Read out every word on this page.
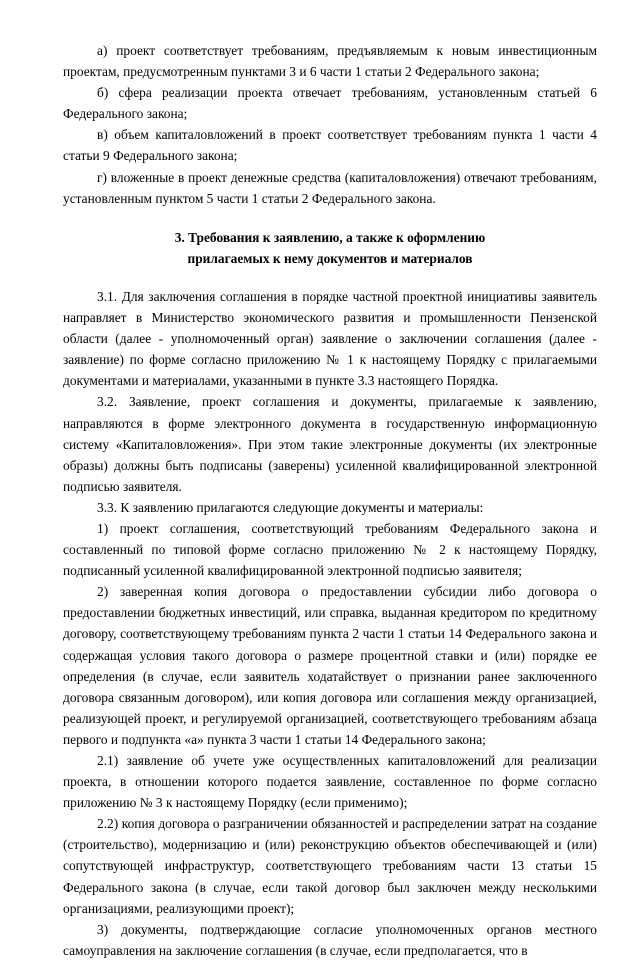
а) проект соответствует требованиям, предъявляемым к новым инвестиционным проектам, предусмотренным пунктами 3 и 6 части 1 статьи 2 Федерального закона;

б) сфера реализации проекта отвечает требованиям, установленным статьей 6 Федерального закона;

в) объем капиталовложений в проект соответствует требованиям пункта 1 части 4 статьи 9 Федерального закона;

г) вложенные в проект денежные средства (капиталовложения) отвечают требованиям, установленным пунктом 5 части 1 статьи 2 Федерального закона.

3. Требования к заявлению, а также к оформлению
прилагаемых к нему документов и материалов

3.1. Для заключения соглашения в порядке частной проектной инициативы заявитель направляет в Министерство экономического развития и промышленности Пензенской области (далее - уполномоченный орган) заявление о заключении соглашения (далее - заявление) по форме согласно приложению № 1 к настоящему Порядку с прилагаемыми документами и материалами, указанными в пункте 3.3 настоящего Порядка.

3.2. Заявление, проект соглашения и документы, прилагаемые к заявлению, направляются в форме электронного документа в государственную информационную систему «Капиталовложения». При этом такие электронные документы (их электронные образы) должны быть подписаны (заверены) усиленной квалифицированной электронной подписью заявителя.

3.3. К заявлению прилагаются следующие документы и материалы:

1) проект соглашения, соответствующий требованиям Федерального закона и составленный по типовой форме согласно приложению № 2 к настоящему Порядку, подписанный усиленной квалифицированной электронной подписью заявителя;

2) заверенная копия договора о предоставлении субсидии либо договора о предоставлении бюджетных инвестиций, или справка, выданная кредитором по кредитному договору, соответствующему требованиям пункта 2 части 1 статьи 14 Федерального закона и содержащая условия такого договора о размере процентной ставки и (или) порядке ее определения (в случае, если заявитель ходатайствует о признании ранее заключенного договора связанным договором), или копия договора или соглашения между организацией, реализующей проект, и регулируемой организацией, соответствующего требованиям абзаца первого и подпункта «а» пункта 3 части 1 статьи 14 Федерального закона;

2.1) заявление об учете уже осуществленных капиталовложений для реализации проекта, в отношении которого подается заявление, составленное по форме согласно приложению № 3 к настоящему Порядку (если применимо);

2.2) копия договора о разграничении обязанностей и распределении затрат на создание (строительство), модернизацию и (или) реконструкцию объектов обеспечивающей и (или) сопутствующей инфраструктур, соответствующего требованиям части 13 статьи 15 Федерального закона (в случае, если такой договор был заключен между несколькими организациями, реализующими проект);

3) документы, подтверждающие согласие уполномоченных органов местного самоуправления на заключение соглашения (в случае, если предполагается, что в
